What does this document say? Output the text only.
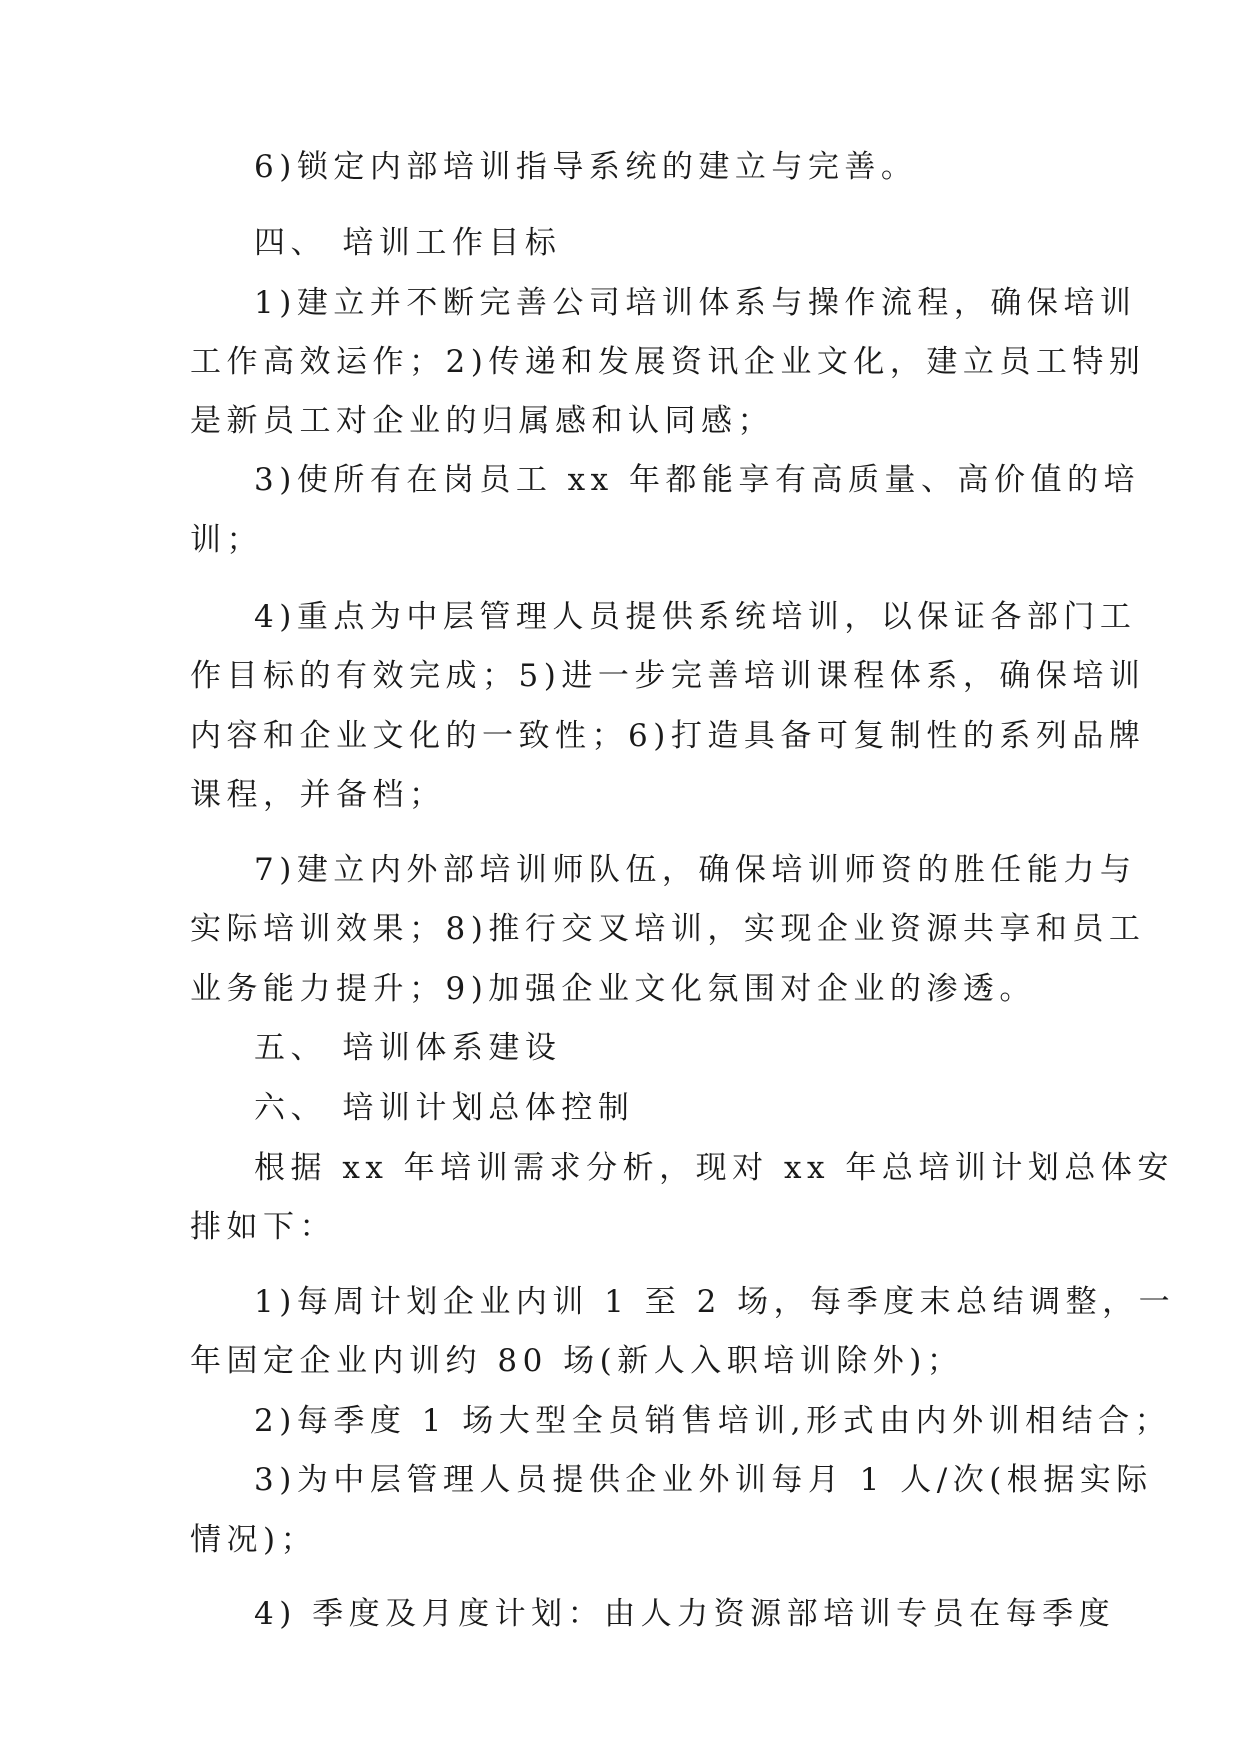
6)锁定内部培训指导系统的建立与完善。
四、 培训工作目标
1)建立并不断完善公司培训体系与操作流程，确保培训
工作高效运作；2)传递和发展资讯企业文化，建立员工特别
是新员工对企业的归属感和认同感；
3)使所有在岗员工 xx 年都能享有高质量、高价值的培
训；
4)重点为中层管理人员提供系统培训，以保证各部门工
作目标的有效完成；5)进一步完善培训课程体系，确保培训
内容和企业文化的一致性；6)打造具备可复制性的系列品牌
课程，并备档；
7)建立内外部培训师队伍，确保培训师资的胜任能力与
实际培训效果；8)推行交叉培训，实现企业资源共享和员工
业务能力提升；9)加强企业文化氛围对企业的渗透。
五、 培训体系建设
六、 培训计划总体控制
根据 xx 年培训需求分析，现对 xx 年总培训计划总体安
排如下：
1)每周计划企业内训 1 至 2 场，每季度末总结调整，一
年固定企业内训约 80 场(新人入职培训除外)；
2)每季度 1 场大型全员销售培训,形式由内外训相结合；
3)为中层管理人员提供企业外训每月 1 人/次(根据实际
情况)；
4) 季度及月度计划：由人力资源部培训专员在每季度
